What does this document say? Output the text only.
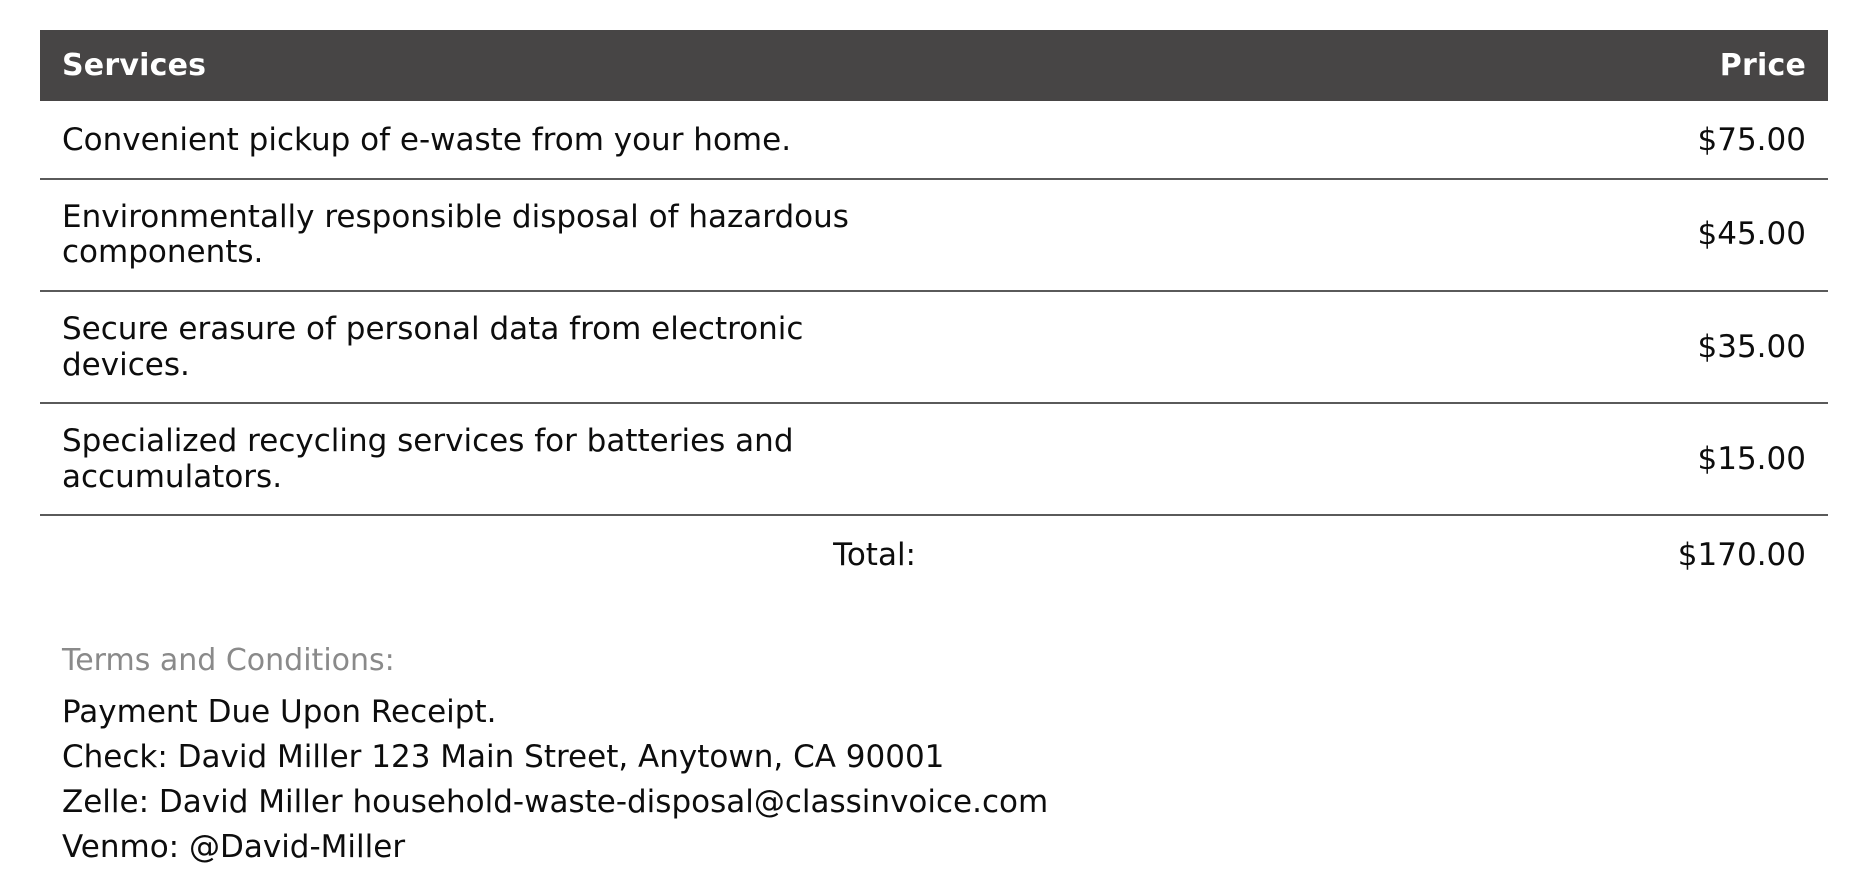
Services	Price
Convenient pickup of e-waste from your home.	$75.00
Environmentally responsible disposal of hazardous components.	$45.00
Secure erasure of personal data from electronic devices.	$35.00
Specialized recycling services for batteries and accumulators.	$15.00
Total:	$170.00
Terms and Conditions:
Payment Due Upon Receipt.
Check: David Miller 123 Main Street, Anytown, CA 90001
Zelle: David Miller household-waste-disposal@classinvoice.com
Venmo: @David-Miller
